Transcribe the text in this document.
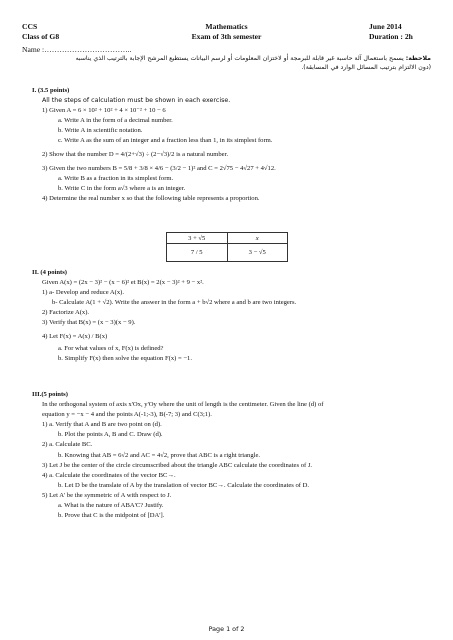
CCS
Class of G8
Mathematics
Exam of 3th semester
June 2014
Duration : 2h
Name :……………………………..
ملاحظة: يسمح باستعمال آلة حاسبة غير قابلة للبرمجة أو لاختزان المعلومات أو لرسم البيانات يستطيع المرشح الإجابة بالترتيب الذي يناسبه
(دون الالتزام بترتيب المسائل الوارد في المسابقة).
I. (3.5 points)
All the steps of calculation must be shown in each exercise.
1) Given A = 6 × 10² + 10² + 4 × 10⁻² + 10 − 6
a. Write A in the form of a decimal number.
b. Write A in scientific notation.
c. Write A as the sum of an integer and a fraction less than 1, in its simplest form.
2) Show that the number D = 4/(2+√3) ÷ (2−√3)/2 is a natural number.
3) Given the two numbers B = 5/8 + 3/8 × 4/6 − (3/2 − 1)² and C = 2√75 − 4√27 + 4√12.
a. Write B as a fraction in its simplest form.
b. Write C in the form a√3 where a is an integer.
4) Determine the real number x so that the following table represents a proportion.
3 + √5	x
7 / 5	3 − √5
II. (4 points)
Given A(x) = (2x − 3)² − (x − 6)² et B(x) = 2(x − 3)² + 9 − x².
1) a- Develop and reduce A(x).
b- Calculate A(1 + √2). Write the answer in the form a + b√2 where a and b are two integers.
2) Factorize A(x).
3) Verify that B(x) = (x − 3)(x − 9).
4) Let F(x) = A(x) / B(x)
a. For what values of x, F(x) is defined?
b. Simplify F(x) then solve the equation F(x) = −1.
III.(5 points)
In the orthogonal system of axis x'Ox, y'Oy where the unit of length is the centimeter. Given the line (d) of
equation y = −x − 4 and the points A(-1;-3), B(-7; 3) and C(3;1).
1) a. Verify that A and B are two point on (d).
b. Plot the points A, B and C. Draw (d).
2) a. Calculate BC.
b. Knowing that AB = 6√2 and AC = 4√2, prove that ABC is a right triangle.
3) Let J be the center of the circle circumscribed about the triangle ABC calculate the coordinates of J.
4) a. Calculate the coordinates of the vector BC→.
b. Let D be the translate of A by the translation of vector BC→. Calculate the coordinates of D.
5) Let A' be the symmetric of A with respect to J.
a. What is the nature of ABA'C? Justify.
b. Prove that C is the midpoint of [DA'].
Page 1 of 2
